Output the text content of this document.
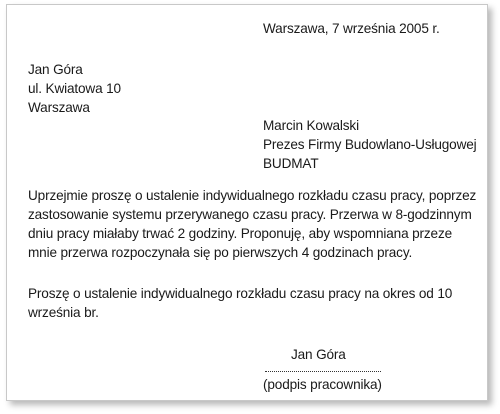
Warszawa, 7 września 2005 r.
Jan Góra
ul. Kwiatowa 10
Warszawa
Marcin Kowalski
Prezes Firmy Budowlano-Usługowej
BUDMAT
Uprzejmie proszę o ustalenie indywidualnego rozkładu czasu pracy, poprzez
zastosowanie systemu przerywanego czasu pracy. Przerwa w 8-godzinnym
dniu pracy miałaby trwać 2 godziny. Proponuję, aby wspomniana przeze
mnie przerwa rozpoczynała się po pierwszych 4 godzinach pracy.
Proszę o ustalenie indywidualnego rozkładu czasu pracy na okres od 10
września br.
Jan Góra
(podpis pracownika)
